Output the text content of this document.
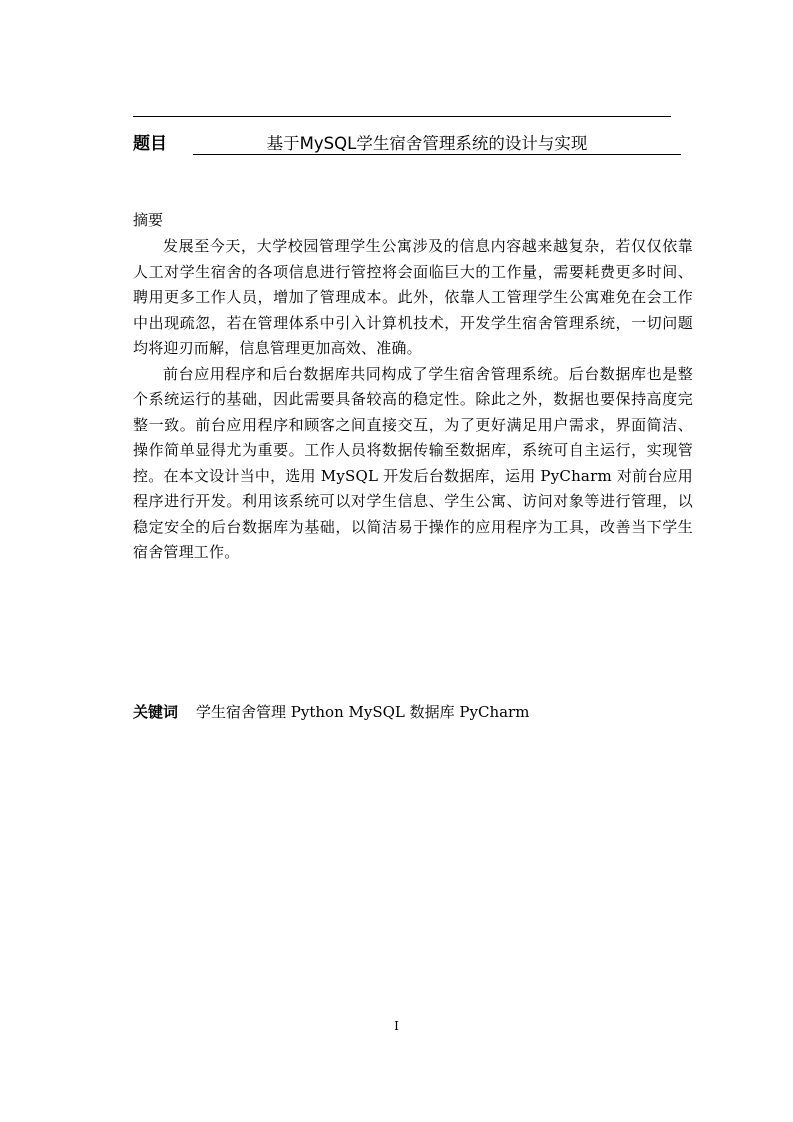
题目	基于MySQL学生宿舍管理系统的设计与实现
摘要

发展至今天，大学校园管理学生公寓涉及的信息内容越来越复杂，若仅仅依靠人工对学生宿舍的各项信息进行管控将会面临巨大的工作量，需要耗费更多时间、聘用更多工作人员，增加了管理成本。此外，依靠人工管理学生公寓难免在会工作中出现疏忽，若在管理体系中引入计算机技术，开发学生宿舍管理系统，一切问题均将迎刃而解，信息管理更加高效、准确。

前台应用程序和后台数据库共同构成了学生宿舍管理系统。后台数据库也是整个系统运行的基础，因此需要具备较高的稳定性。除此之外，数据也要保持高度完整一致。前台应用程序和顾客之间直接交互，为了更好满足用户需求，界面简洁、操作简单显得尤为重要。工作人员将数据传输至数据库，系统可自主运行，实现管控。在本文设计当中，选用 MySQL 开发后台数据库，运用 PyCharm 对前台应用程序进行开发。利用该系统可以对学生信息、学生公寓、访问对象等进行管理，以稳定安全的后台数据库为基础，以简洁易于操作的应用程序为工具，改善当下学生宿舍管理工作。

关键词 学生宿舍管理 Python MySQL 数据库 PyCharm
I
